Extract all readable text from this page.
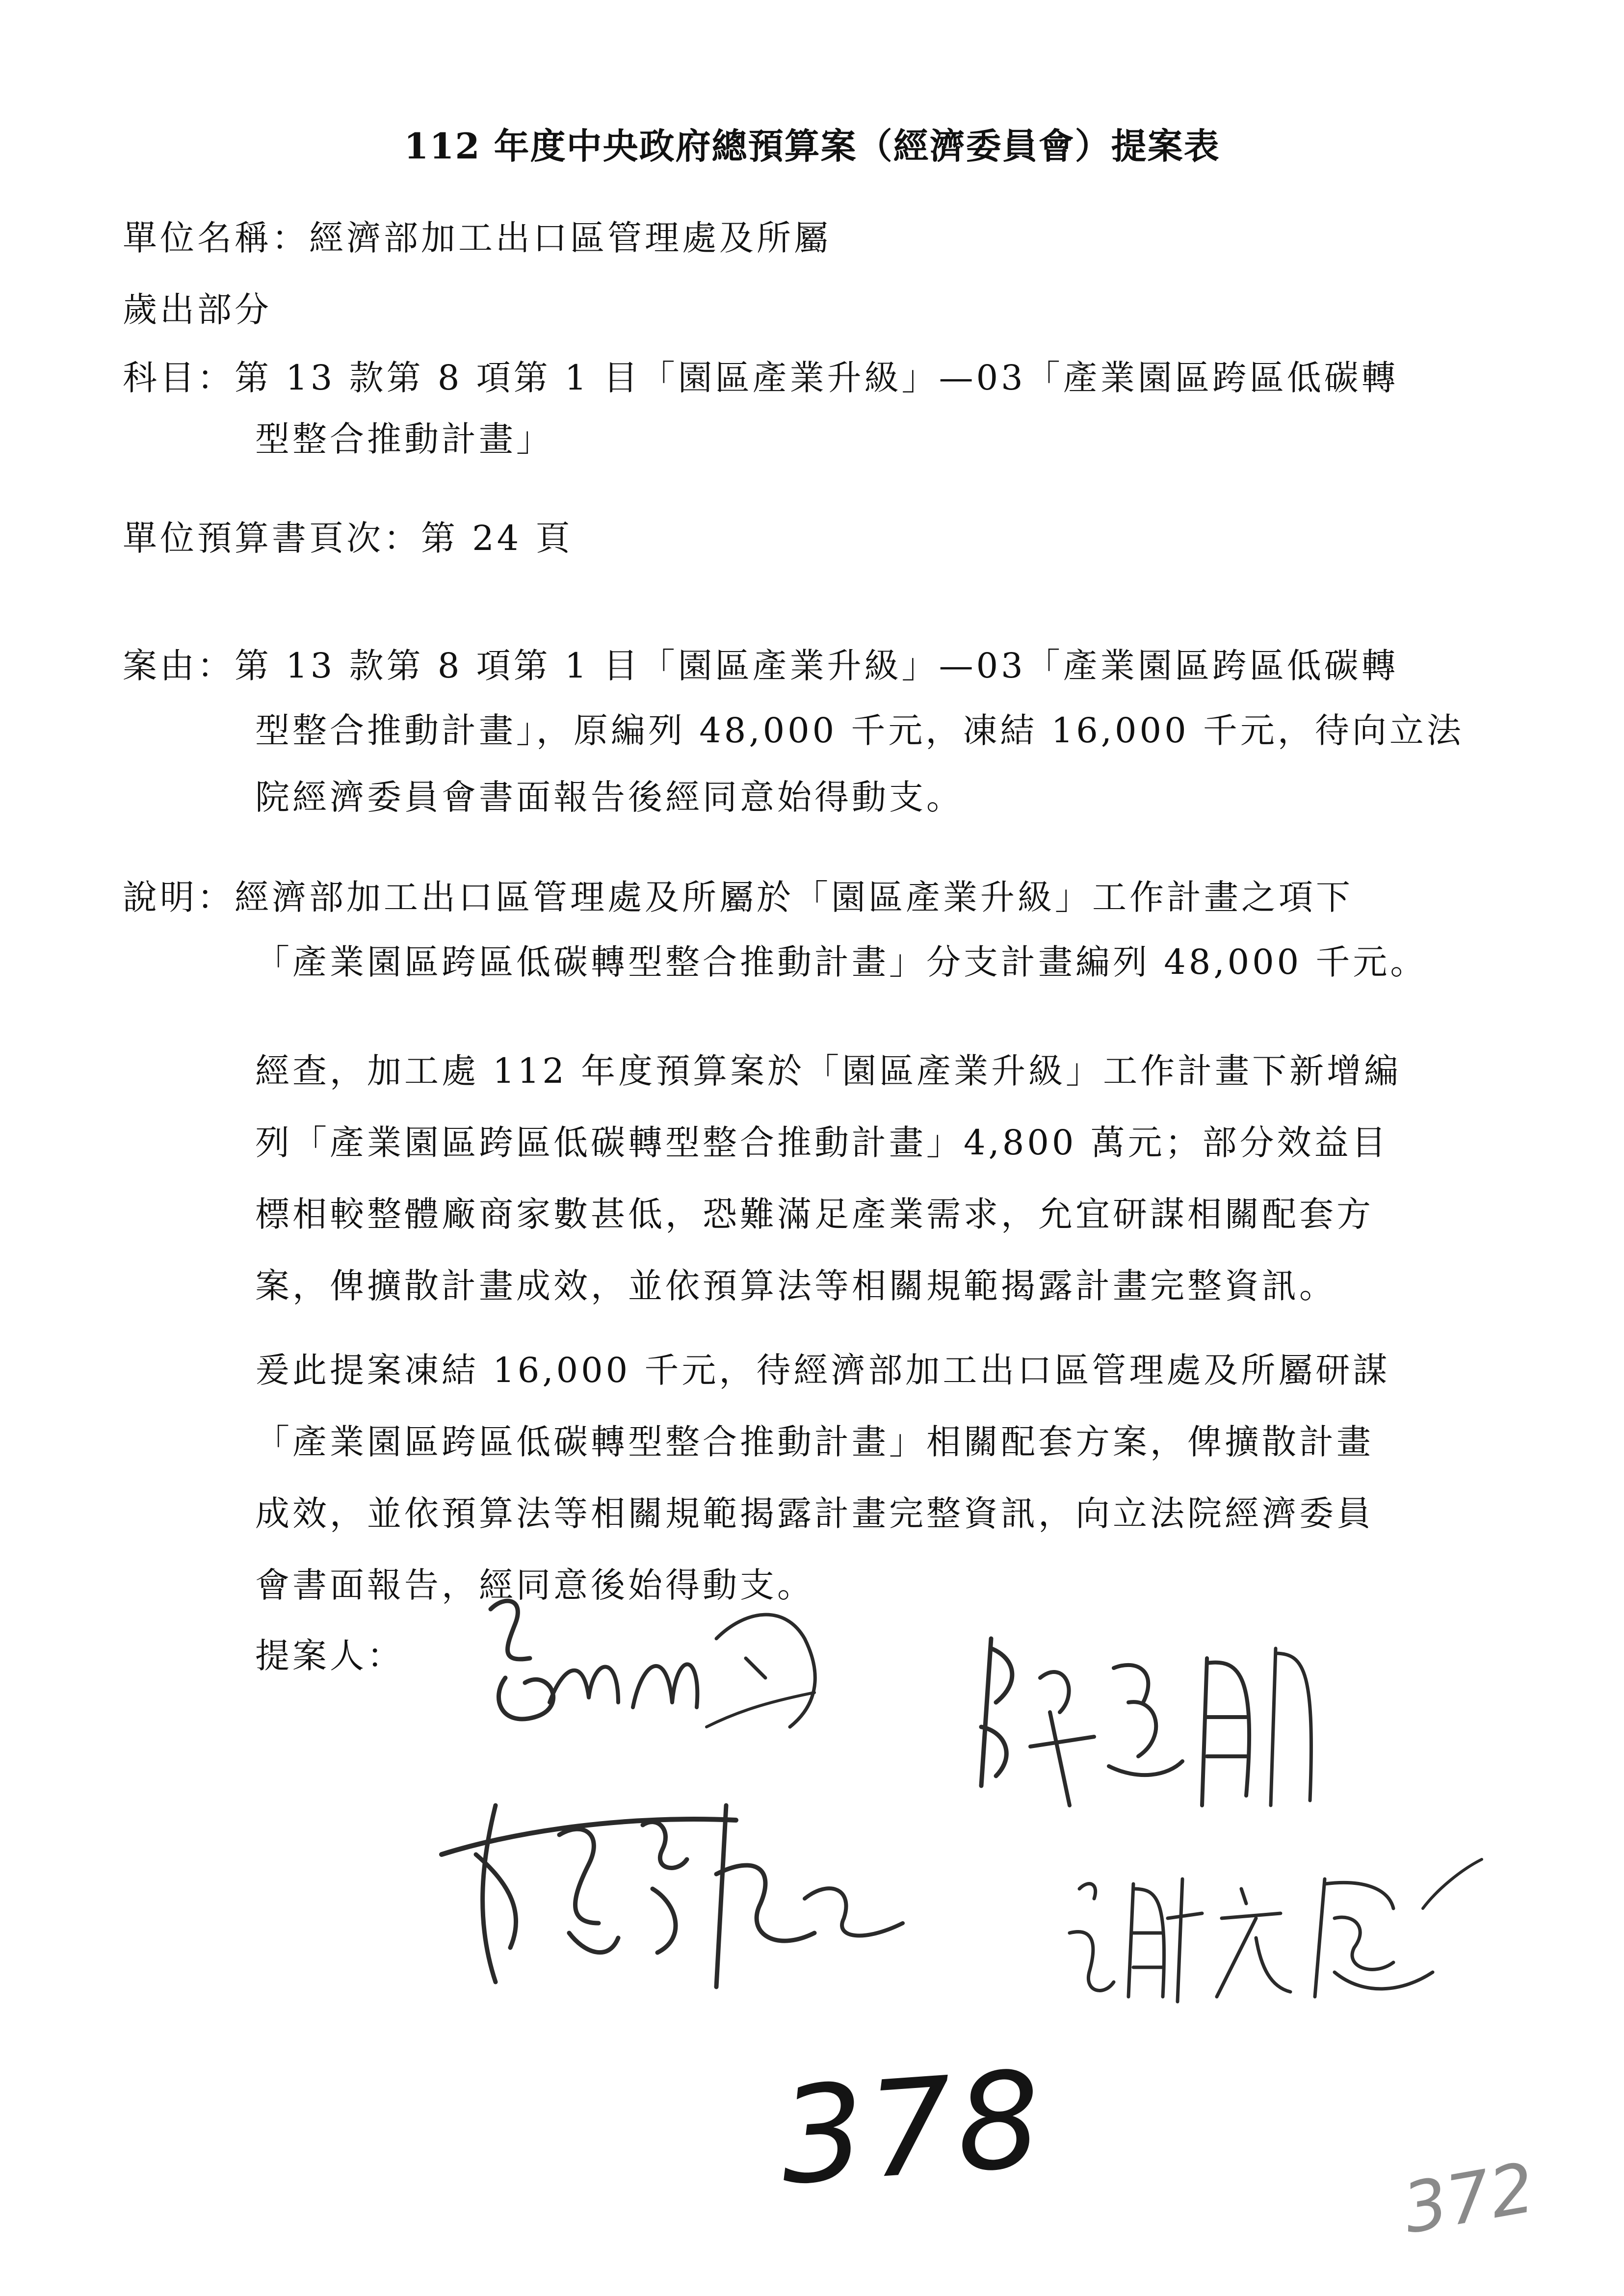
112 年度中央政府總預算案（經濟委員會）提案表
單位名稱：經濟部加工出口區管理處及所屬
歲出部分
科目：第 13 款第 8 項第 1 目「園區產業升級」—03「產業園區跨區低碳轉
型整合推動計畫」
單位預算書頁次：第 24 頁
案由：第 13 款第 8 項第 1 目「園區產業升級」—03「產業園區跨區低碳轉
型整合推動計畫」，原編列 48,000 千元，凍結 16,000 千元，待向立法
院經濟委員會書面報告後經同意始得動支。
說明：經濟部加工出口區管理處及所屬於「園區產業升級」工作計畫之項下
「產業園區跨區低碳轉型整合推動計畫」分支計畫編列 48,000 千元。
經查，加工處 112 年度預算案於「園區產業升級」工作計畫下新增編
列「產業園區跨區低碳轉型整合推動計畫」4,800 萬元；部分效益目
標相較整體廠商家數甚低，恐難滿足產業需求，允宜研謀相關配套方
案，俾擴散計畫成效，並依預算法等相關規範揭露計畫完整資訊。
爰此提案凍結 16,000 千元，待經濟部加工出口區管理處及所屬研謀
「產業園區跨區低碳轉型整合推動計畫」相關配套方案，俾擴散計畫
成效，並依預算法等相關規範揭露計畫完整資訊，向立法院經濟委員
會書面報告，經同意後始得動支。
提案人：
378	372
